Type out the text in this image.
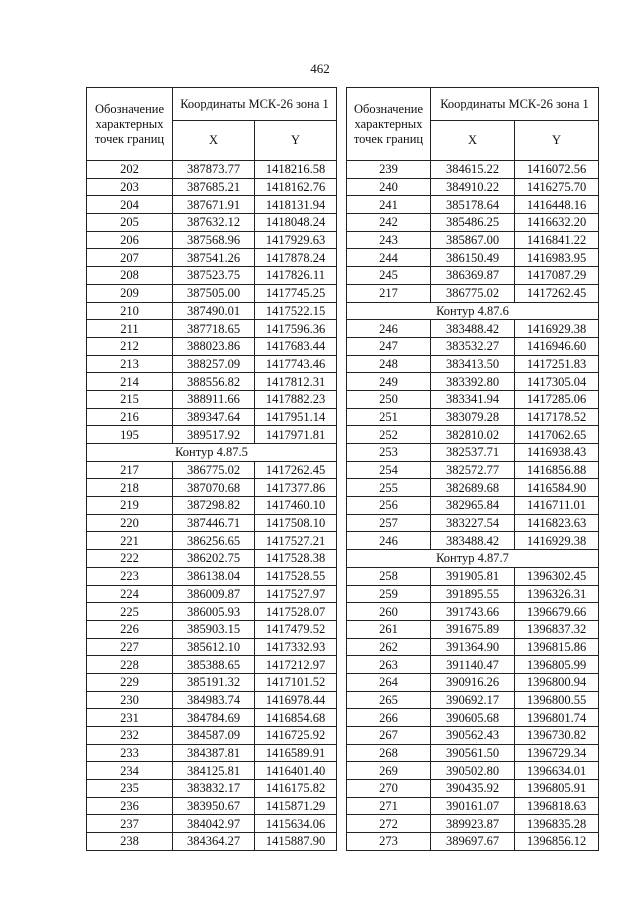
462
Обозначение характерных точек границ	Координаты МСК-26 зона 1	
	X	Y
202	387873.77	1418216.58
203	387685.21	1418162.76
204	387671.91	1418131.94
205	387632.12	1418048.24
206	387568.96	1417929.63
207	387541.26	1417878.24
208	387523.75	1417826.11
209	387505.00	1417745.25
210	387490.01	1417522.15
211	387718.65	1417596.36
212	388023.86	1417683.44
213	388257.09	1417743.46
214	388556.82	1417812.31
215	388911.66	1417882.23
216	389347.64	1417951.14
195	389517.92	1417971.81
Контур 4.87.5		
217	386775.02	1417262.45
218	387070.68	1417377.86
219	387298.82	1417460.10
220	387446.71	1417508.10
221	386256.65	1417527.21
222	386202.75	1417528.38
223	386138.04	1417528.55
224	386009.87	1417527.97
225	386005.93	1417528.07
226	385903.15	1417479.52
227	385612.10	1417332.93
228	385388.65	1417212.97
229	385191.32	1417101.52
230	384983.74	1416978.44
231	384784.69	1416854.68
232	384587.09	1416725.92
233	384387.81	1416589.91
234	384125.81	1416401.40
235	383832.17	1416175.82
236	383950.67	1415871.29
237	384042.97	1415634.06
238	384364.27	1415887.90
Обозначение характерных точек границ	Координаты МСК-26 зона 1	
	X	Y
239	384615.22	1416072.56
240	384910.22	1416275.70
241	385178.64	1416448.16
242	385486.25	1416632.20
243	385867.00	1416841.22
244	386150.49	1416983.95
245	386369.87	1417087.29
217	386775.02	1417262.45
Контур 4.87.6		
246	383488.42	1416929.38
247	383532.27	1416946.60
248	383413.50	1417251.83
249	383392.80	1417305.04
250	383341.94	1417285.06
251	383079.28	1417178.52
252	382810.02	1417062.65
253	382537.71	1416938.43
254	382572.77	1416856.88
255	382689.68	1416584.90
256	382965.84	1416711.01
257	383227.54	1416823.63
246	383488.42	1416929.38
Контур 4.87.7		
258	391905.81	1396302.45
259	391895.55	1396326.31
260	391743.66	1396679.66
261	391675.89	1396837.32
262	391364.90	1396815.86
263	391140.47	1396805.99
264	390916.26	1396800.94
265	390692.17	1396800.55
266	390605.68	1396801.74
267	390562.43	1396730.82
268	390561.50	1396729.34
269	390502.80	1396634.01
270	390435.92	1396805.91
271	390161.07	1396818.63
272	389923.87	1396835.28
273	389697.67	1396856.12
